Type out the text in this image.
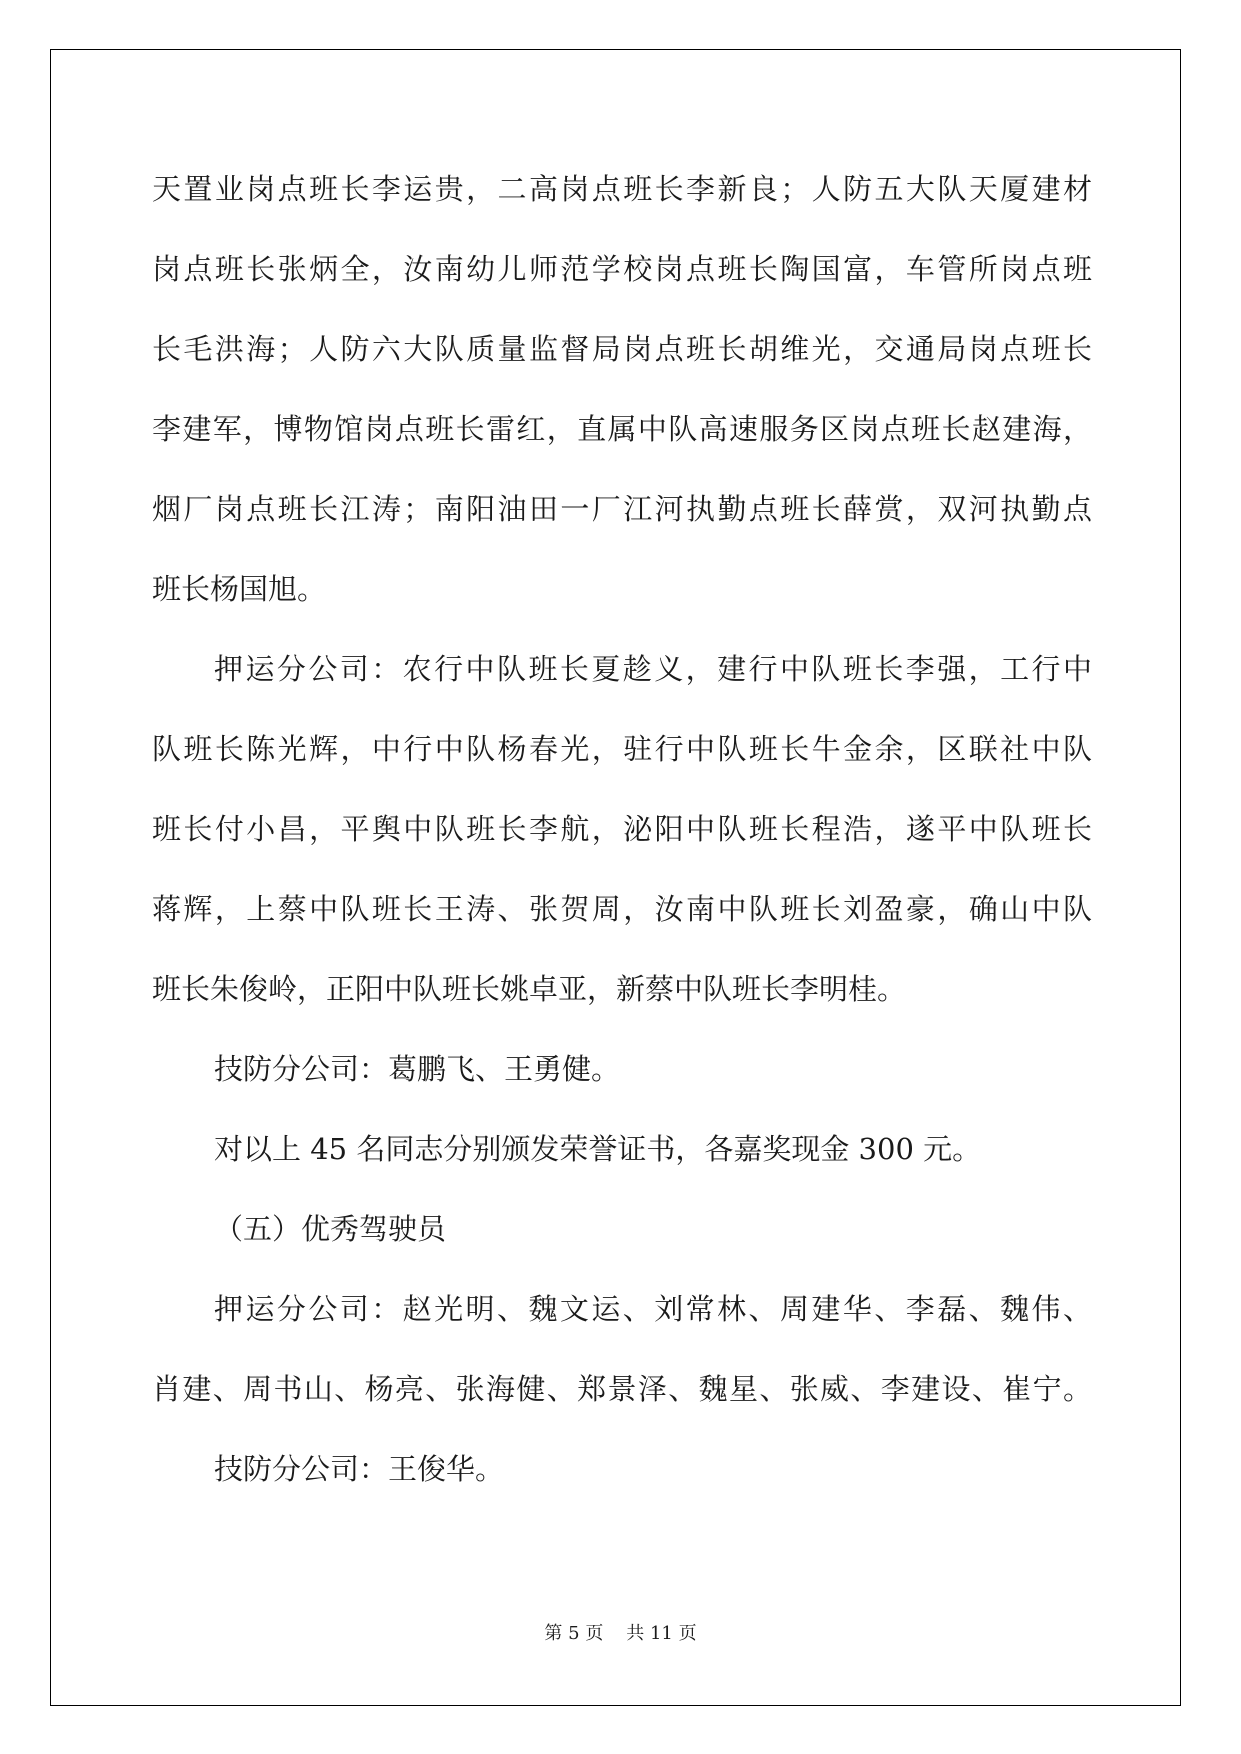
天置业岗点班长李运贵，二高岗点班长李新良；人防五大队天厦建材
岗点班长张炳全，汝南幼儿师范学校岗点班长陶国富，车管所岗点班
长毛洪海；人防六大队质量监督局岗点班长胡维光，交通局岗点班长
李建军，博物馆岗点班长雷红，直属中队高速服务区岗点班长赵建海，
烟厂岗点班长江涛；南阳油田一厂江河执勤点班长薛赏，双河执勤点
班长杨国旭。
押运分公司：农行中队班长夏趁义，建行中队班长李强，工行中
队班长陈光辉，中行中队杨春光，驻行中队班长牛金余，区联社中队
班长付小昌，平舆中队班长李航，泌阳中队班长程浩，遂平中队班长
蒋辉，上蔡中队班长王涛、张贺周，汝南中队班长刘盈豪，确山中队
班长朱俊岭，正阳中队班长姚卓亚，新蔡中队班长李明桂。
技防分公司：葛鹏飞、王勇健。
对以上 45 名同志分别颁发荣誉证书，各嘉奖现金 300 元。
（五）优秀驾驶员
押运分公司：赵光明、魏文运、刘常林、周建华、李磊、魏伟、
肖建、周书山、杨亮、张海健、郑景泽、魏星、张威、李建设、崔宁。
技防分公司：王俊华。
第 5 页 共 11 页
